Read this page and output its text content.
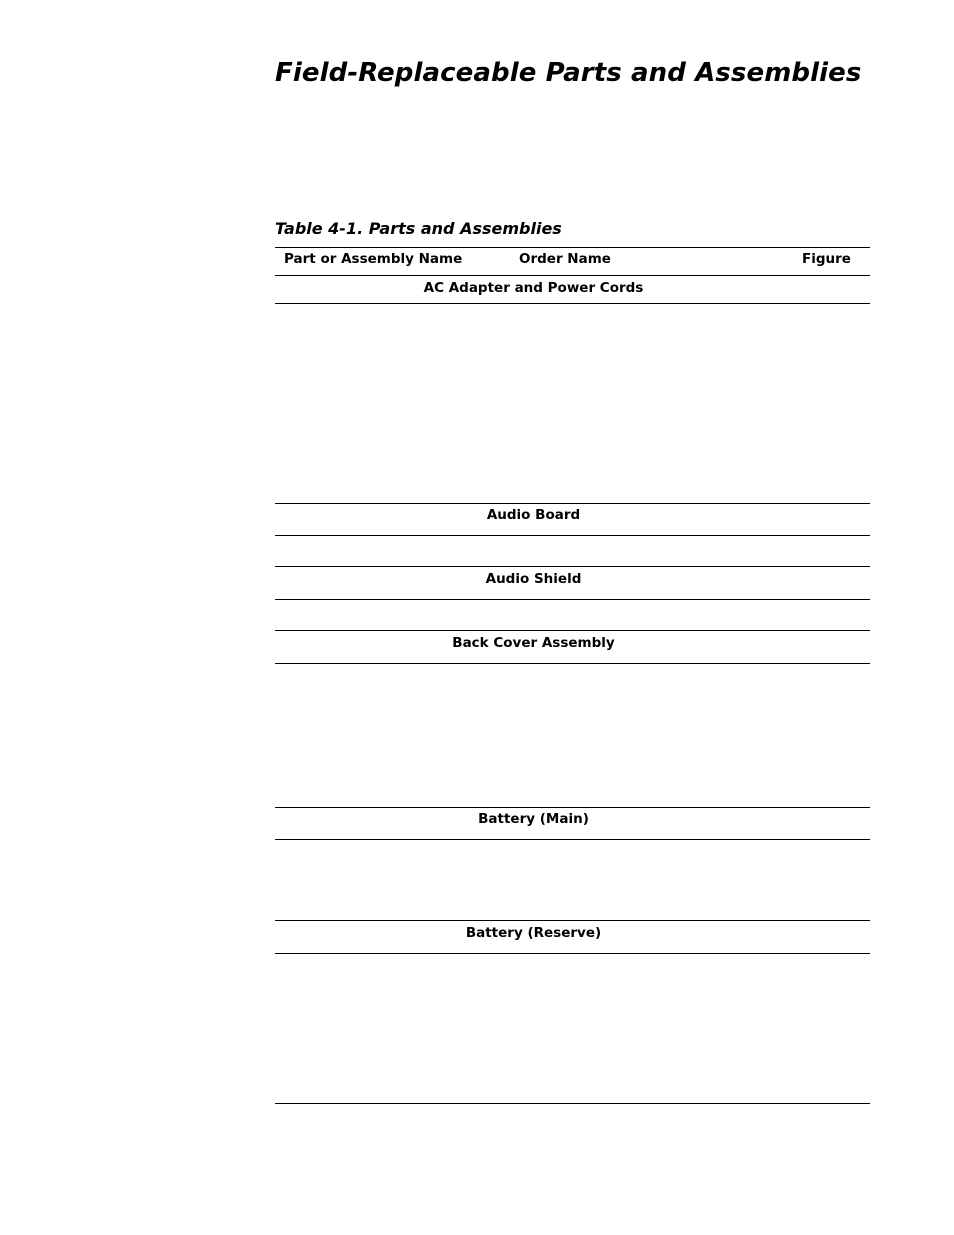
Field-Replaceable Parts and Assemblies
Table 4-1. Parts and Assemblies
Part or Assembly Name	Order Name	Figure
AC Adapter and Power Cords
Audio Board
Audio Shield
Back Cover Assembly
Battery (Main)
Battery (Reserve)
